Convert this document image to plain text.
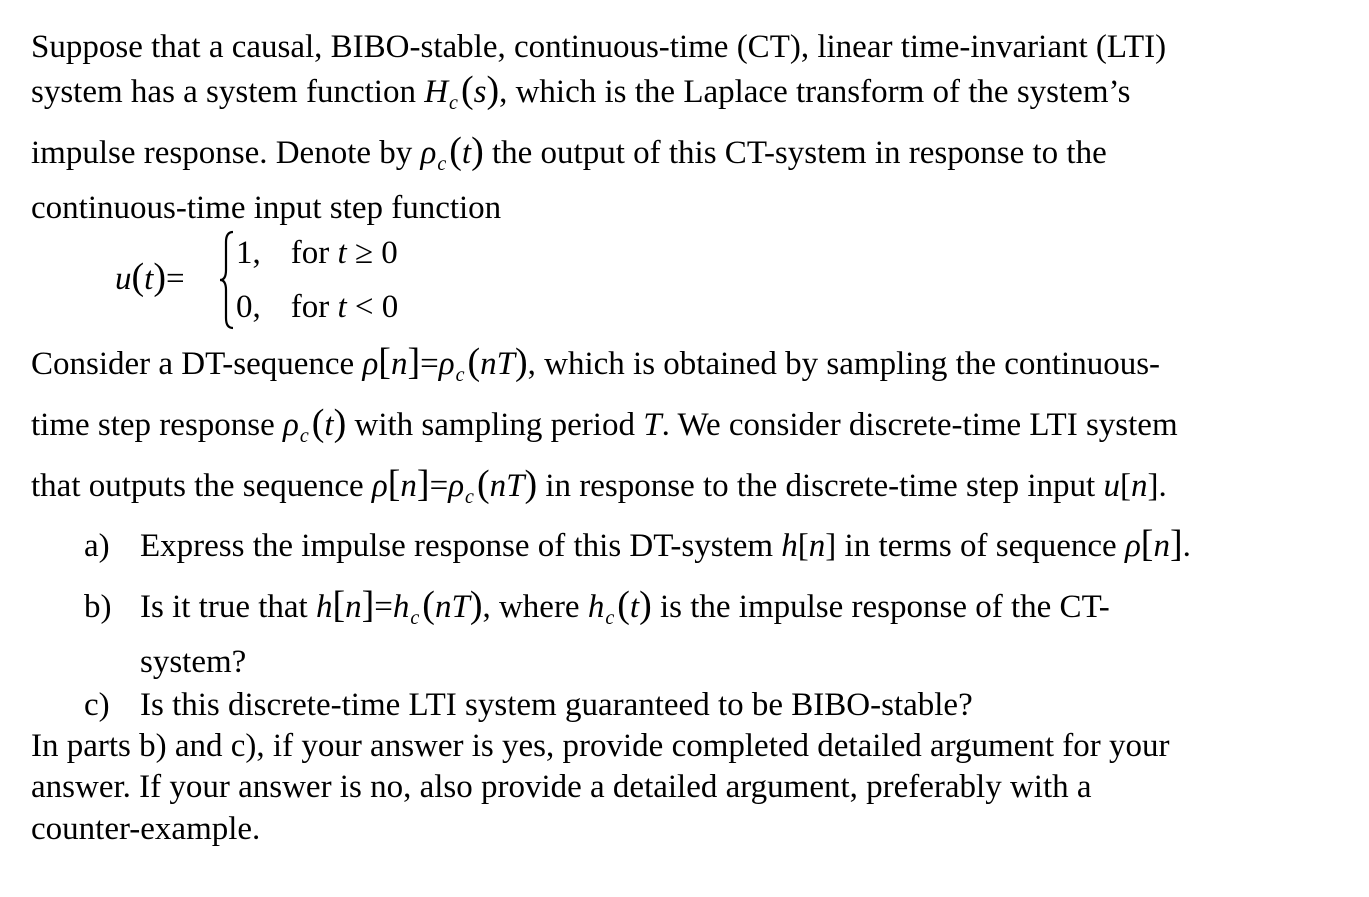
Suppose that a causal, BIBO-stable, continuous-time (CT), linear time-invariant (LTI)
system has a system function $H_c(s)$, which is the Laplace transform of the system’s
impulse response. Denote by $\rho_c(t)$ the output of this CT-system in response to the
continuous-time input step function
u(t)=
1, for t ≥ 0
0, for t < 0
Consider a DT-sequence $\rho[n]=\rho_c(nT)$, which is obtained by sampling the continuous-
time step response $\rho_c(t)$ with sampling period T. We consider discrete-time LTI system
that outputs the sequence $\rho[n]=\rho_c(nT)$ in response to the discrete-time step input u[n].
a) Express the impulse response of this DT-system h[n] in terms of sequence ρ[n].
b) Is it true that $h[n]=h_c(nT)$, where $h_c(t)$ is the impulse response of the CT-
system?
c) Is this discrete-time LTI system guaranteed to be BIBO-stable?
In parts b) and c), if your answer is yes, provide completed detailed argument for your
answer. If your answer is no, also provide a detailed argument, preferably with a
counter-example.
